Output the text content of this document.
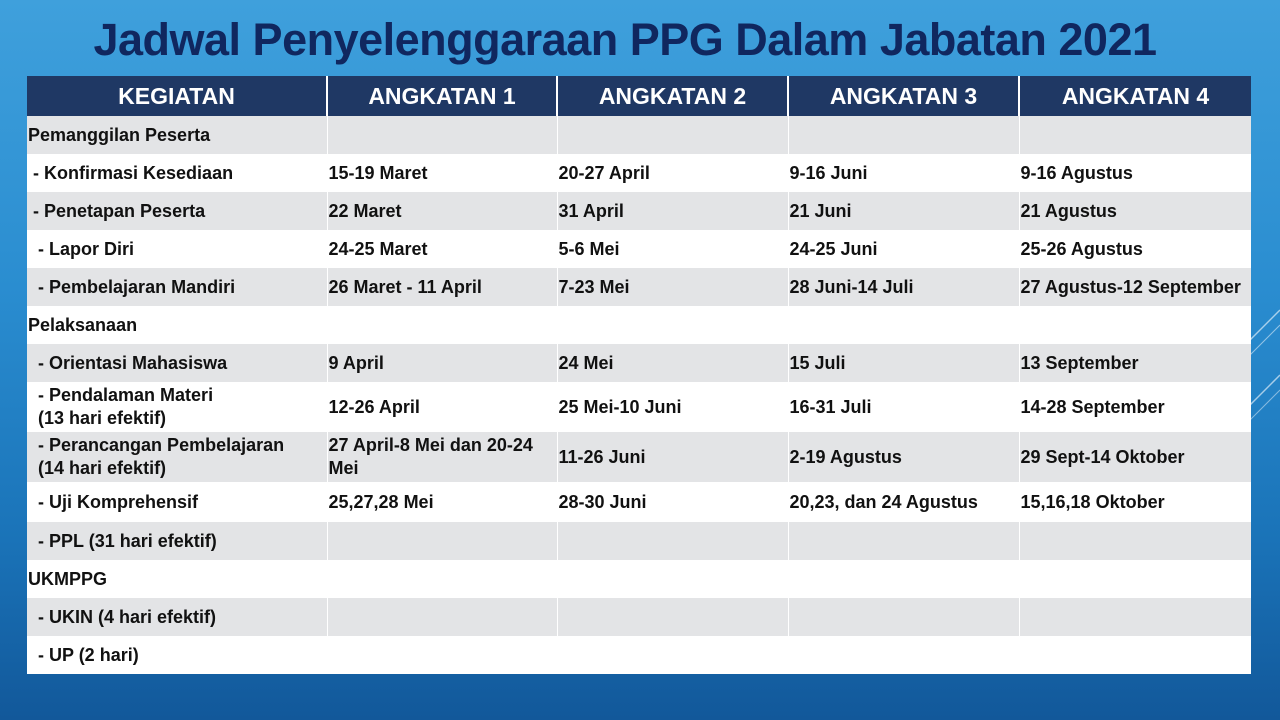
Jadwal Penyelenggaraan PPG Dalam Jabatan 2021
KEGIATAN	ANGKATAN 1	ANGKATAN 2	ANGKATAN 3	ANGKATAN 4
Pemanggilan Peserta				
- Konfirmasi Kesediaan	15-19 Maret	20-27 April	9-16 Juni	9-16 Agustus
- Penetapan Peserta	22 Maret	31 April	21 Juni	21 Agustus
- Lapor Diri	24-25 Maret	5-6 Mei	24-25 Juni	25-26 Agustus
- Pembelajaran Mandiri	26 Maret - 11 April	7-23 Mei	28 Juni-14 Juli	27 Agustus-12 September
Pelaksanaan				
- Orientasi Mahasiswa	9 April	24 Mei	15 Juli	13 September
- Pendalaman Materi
(13 hari efektif)	12-26 April	25 Mei-10 Juni	16-31 Juli	14-28 September
- Perancangan Pembelajaran
(14 hari efektif)	27 April-8 Mei dan 20-24 Mei	11-26 Juni	2-19 Agustus	29 Sept-14 Oktober
- Uji Komprehensif	25,27,28 Mei	28-30 Juni	20,23, dan 24 Agustus	15,16,18 Oktober
- PPL (31 hari efektif)				
UKMPPG				
- UKIN (4 hari efektif)				
- UP (2 hari)				
